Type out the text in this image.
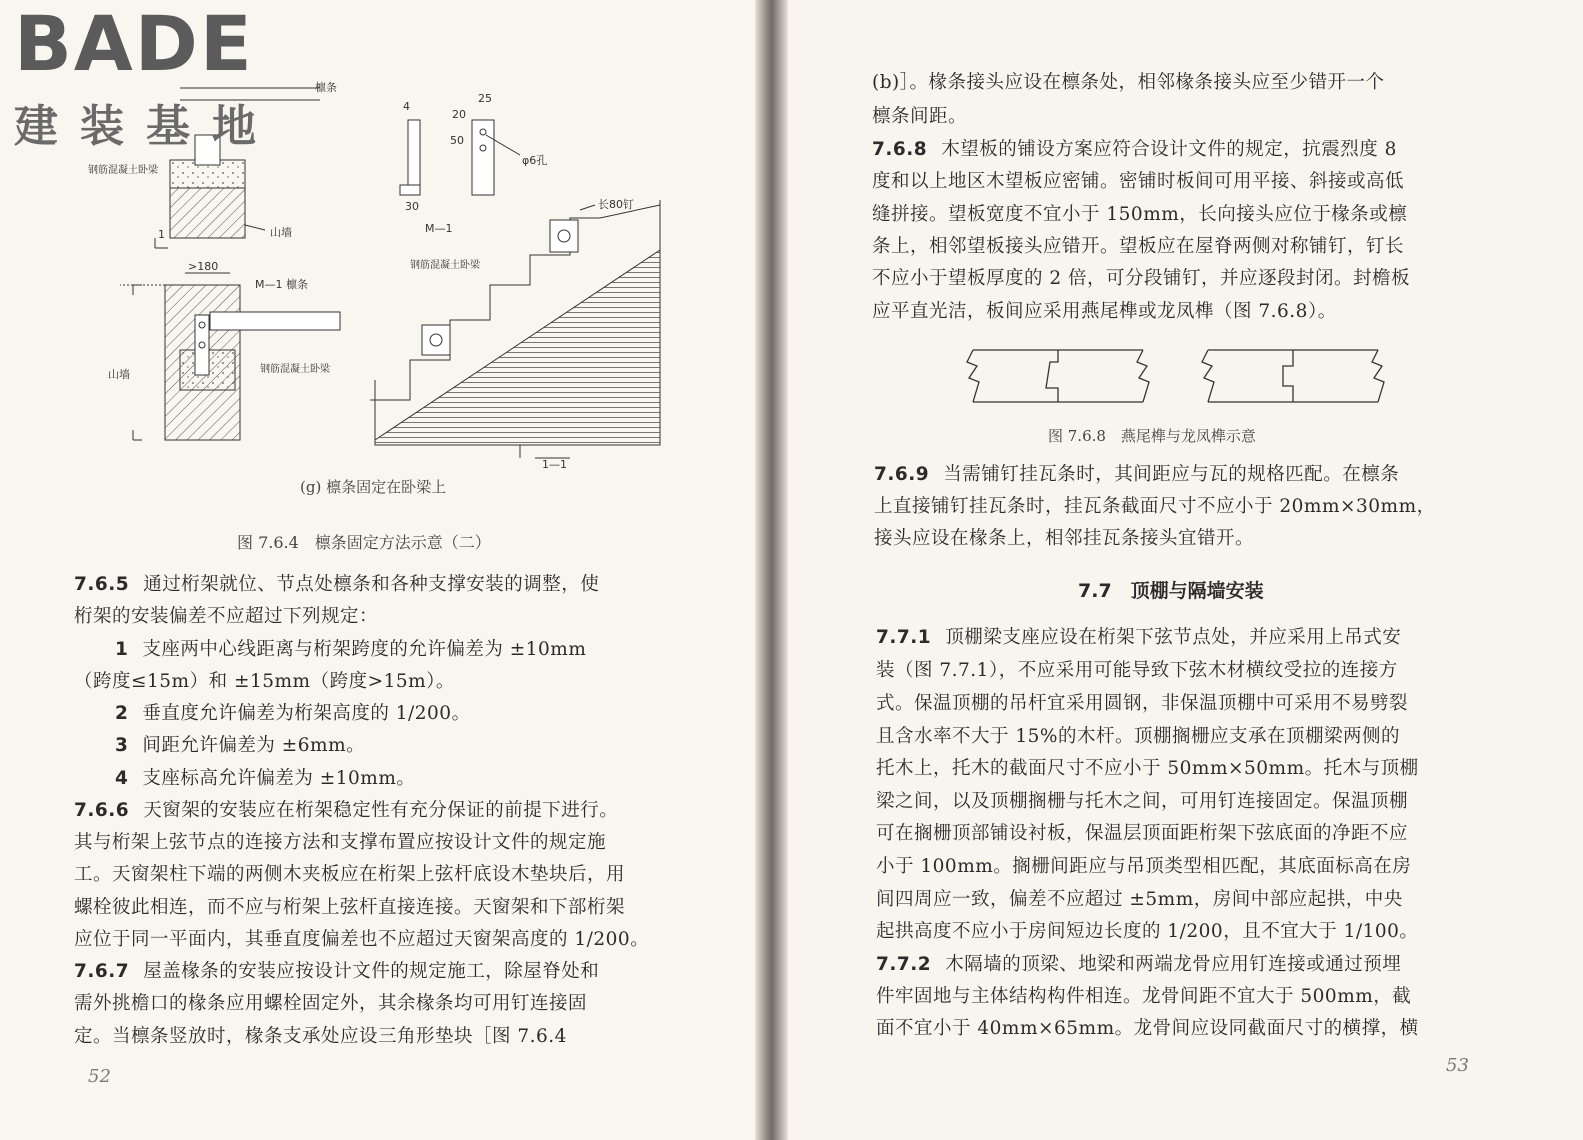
檩条
钢筋混凝土卧梁
山墙
>180
M—1 檩条
钢筋混凝土卧梁
山墙
4
20
25
50
30
φ6孔
M—1
长80钉
钢筋混凝土卧梁
1—1
1
(g) 檩条固定在卧梁上
图 7.6.4　檩条固定方法示意（二）

7.6.5 通过桁架就位、节点处檩条和各种支撑安装的调整，使

桁架的安装偏差不应超过下列规定：

1 支座两中心线距离与桁架跨度的允许偏差为 ±10mm

（跨度≤15m）和 ±15mm（跨度>15m）。

2 垂直度允许偏差为桁架高度的 1/200。

3 间距允许偏差为 ±6mm。

4 支座标高允许偏差为 ±10mm。

7.6.6 天窗架的安装应在桁架稳定性有充分保证的前提下进行。

其与桁架上弦节点的连接方法和支撑布置应按设计文件的规定施

工。天窗架柱下端的两侧木夹板应在桁架上弦杆底设木垫块后，用

螺栓彼此相连，而不应与桁架上弦杆直接连接。天窗架和下部桁架

应位于同一平面内，其垂直度偏差也不应超过天窗架高度的 1/200。

7.6.7 屋盖椽条的安装应按设计文件的规定施工，除屋脊处和

需外挑檐口的椽条应用螺栓固定外，其余椽条均可用钉连接固

定。当檩条竖放时，椽条支承处应设三角形垫块［图 7.6.4

52
BADE
建装基地

(b)］。椽条接头应设在檩条处，相邻椽条接头应至少错开一个

檩条间距。

7.6.8 木望板的铺设方案应符合设计文件的规定，抗震烈度 8

度和以上地区木望板应密铺。密铺时板间可用平接、斜接或高低

缝拼接。望板宽度不宜小于 150mm，长向接头应位于椽条或檩

条上，相邻望板接头应错开。望板应在屋脊两侧对称铺钉，钉长

不应小于望板厚度的 2 倍，可分段铺钉，并应逐段封闭。封檐板

应平直光洁，板间应采用燕尾榫或龙凤榫（图 7.6.8）。

图 7.6.8　燕尾榫与龙凤榫示意

7.6.9 当需铺钉挂瓦条时，其间距应与瓦的规格匹配。在檩条

上直接铺钉挂瓦条时，挂瓦条截面尺寸不应小于 20mm×30mm，

接头应设在椽条上，相邻挂瓦条接头宜错开。

7.7　顶棚与隔墙安装

7.7.1 顶棚梁支座应设在桁架下弦节点处，并应采用上吊式安

装（图 7.7.1），不应采用可能导致下弦木材横纹受拉的连接方

式。保温顶棚的吊杆宜采用圆钢，非保温顶棚中可采用不易劈裂

且含水率不大于 15%的木杆。顶棚搁栅应支承在顶棚梁两侧的

托木上，托木的截面尺寸不应小于 50mm×50mm。托木与顶棚

梁之间，以及顶棚搁栅与托木之间，可用钉连接固定。保温顶棚

可在搁栅顶部铺设衬板，保温层顶面距桁架下弦底面的净距不应

小于 100mm。搁栅间距应与吊顶类型相匹配，其底面标高在房

间四周应一致，偏差不应超过 ±5mm，房间中部应起拱，中央

起拱高度不应小于房间短边长度的 1/200，且不宜大于 1/100。

7.7.2 木隔墙的顶梁、地梁和两端龙骨应用钉连接或通过预埋

件牢固地与主体结构构件相连。龙骨间距不宜大于 500mm，截

面不宜小于 40mm×65mm。龙骨间应设同截面尺寸的横撑，横

53
